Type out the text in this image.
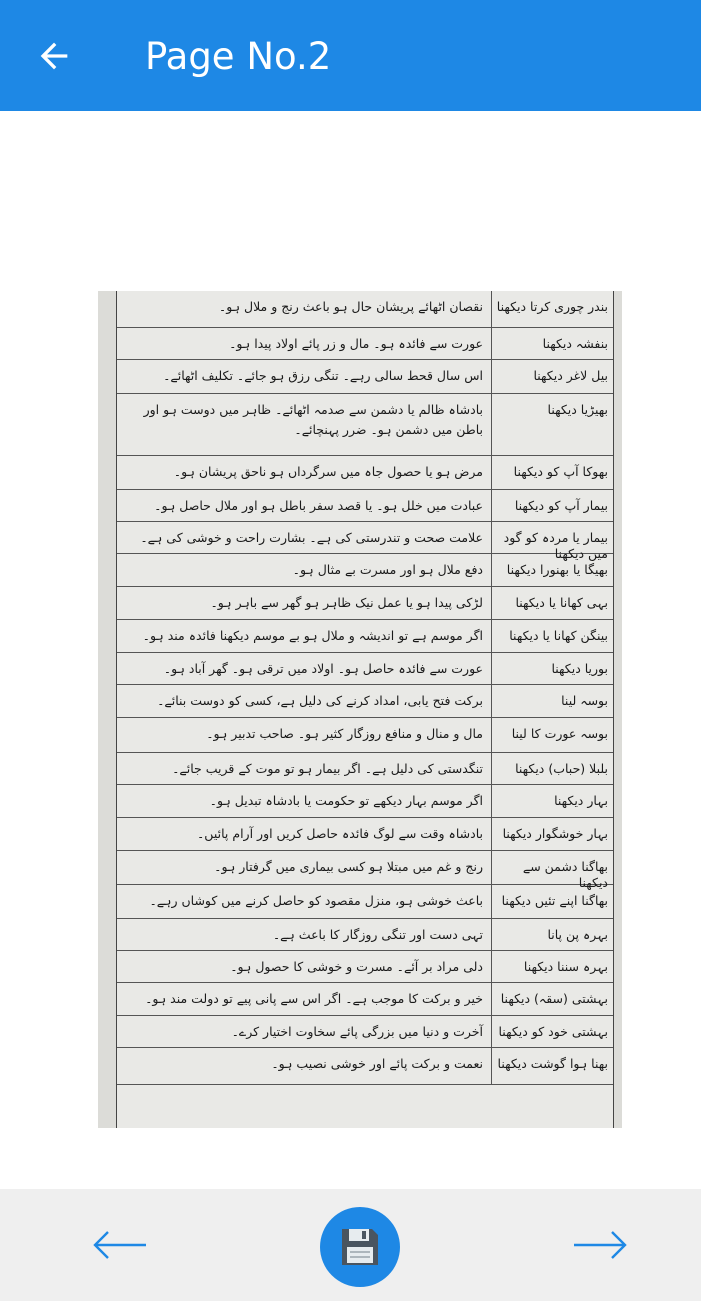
Page No.2
بندر چوری کرتا دیکھنا
نقصان اٹھائے پریشان حال ہو باعث رنج و ملال ہو۔
بنفشہ دیکھنا
عورت سے فائدہ ہو۔ مال و زر پائے اولاد پیدا ہو۔
بیل لاغر دیکھنا
اس سال قحط سالی رہے۔ تنگی رزق ہو جائے۔ تکلیف اٹھائے۔
بھیڑیا دیکھنا
بادشاہ ظالم یا دشمن سے صدمہ اٹھائے۔ ظاہر میں دوست ہو اور باطن میں دشمن ہو۔ ضرر پہنچائے۔
بھوکا آپ کو دیکھنا
مرض ہو یا حصول جاہ میں سرگرداں ہو ناحق پریشان ہو۔
بیمار آپ کو دیکھنا
عبادت میں خلل ہو۔ یا قصد سفر باطل ہو اور ملال حاصل ہو۔
بیمار یا مردہ کو گود میں دیکھنا
علامت صحت و تندرستی کی ہے۔ بشارت راحت و خوشی کی ہے۔
بھیگا یا بھنورا دیکھنا
دفع ملال ہو اور مسرت بے مثال ہو۔
بہی کھانا یا دیکھنا
لڑکی پیدا ہو یا عمل نیک ظاہر ہو گھر سے باہر ہو۔
بینگن کھانا یا دیکھنا
اگر موسم ہے تو اندیشہ و ملال ہو بے موسم دیکھنا فائدہ مند ہو۔
بوریا دیکھنا
عورت سے فائدہ حاصل ہو۔ اولاد میں ترقی ہو۔ گھر آباد ہو۔
بوسہ لینا
برکت فتح یابی، امداد کرنے کی دلیل ہے، کسی کو دوست بنائے۔
بوسہ عورت کا لینا
مال و منال و منافع روزگار کثیر ہو۔ صاحب تدبیر ہو۔
بلبلا (حباب) دیکھنا
تنگدستی کی دلیل ہے۔ اگر بیمار ہو تو موت کے قریب جائے۔
بہار دیکھنا
اگر موسم بہار دیکھے تو حکومت یا بادشاہ تبدیل ہو۔
بہار خوشگوار دیکھنا
بادشاہ وقت سے لوگ فائدہ حاصل کریں اور آرام پائیں۔
بھاگنا دشمن سے دیکھنا
رنج و غم میں مبتلا ہو کسی بیماری میں گرفتار ہو۔
بھاگنا اپنے تئیں دیکھنا
باعث خوشی ہو، منزل مقصود کو حاصل کرنے میں کوشاں رہے۔
بہرہ پن پانا
تہی دست اور تنگی روزگار کا باعث ہے۔
بہرہ سننا دیکھنا
دلی مراد بر آئے۔ مسرت و خوشی کا حصول ہو۔
بہشتی (سقہ) دیکھنا
خیر و برکت کا موجب ہے۔ اگر اس سے پانی پیے تو دولت مند ہو۔
بہشتی خود کو دیکھنا
آخرت و دنیا میں بزرگی پائے سخاوت اختیار کرے۔
بھنا ہوا گوشت دیکھنا
نعمت و برکت پائے اور خوشی نصیب ہو۔
